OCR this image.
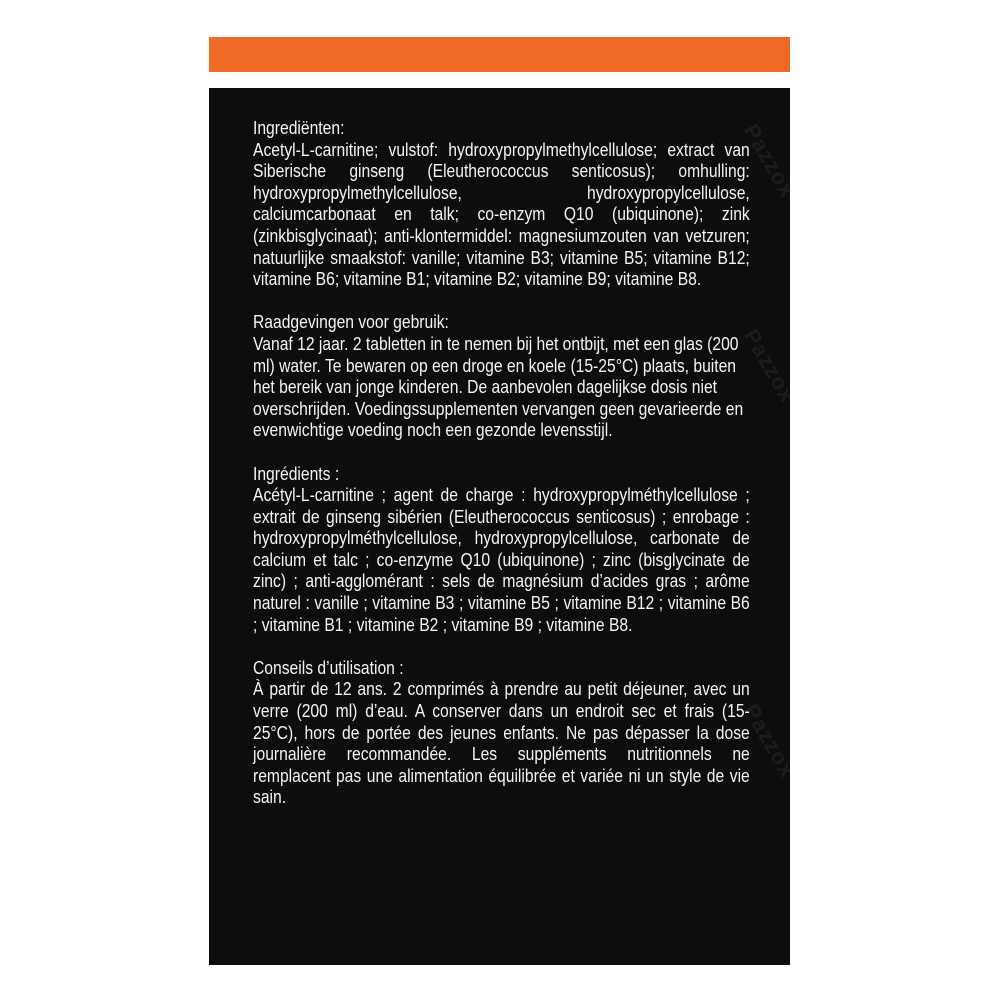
Pazzox
Pazzox
Pazzox
Ingrediënten:
Acetyl-L-carnitine; vulstof: hydroxypropylmethylcellulose; extract van Siberische ginseng (Eleutherococcus senticosus); omhulling: hydroxypropylmethylcellulose, hydroxypropylcellulose, calciumcarbonaat en talk; co-enzym Q10 (ubiquinone); zink (zinkbisglycinaat); anti-klontermiddel: magnesiumzouten van vetzuren; natuurlijke smaakstof: vanille; vitamine B3; vitamine B5; vitamine B12; vitamine B6; vitamine B1; vitamine B2; vitamine B9; vitamine B8.
Raadgevingen voor gebruik:
Vanaf 12 jaar. 2 tabletten in te nemen bij het ontbijt, met een glas (200 ml) water. Te bewaren op een droge en koele (15-25°C) plaats, buiten het bereik van jonge kinderen. De aanbevolen dagelijkse dosis niet overschrijden. Voedingssupplementen vervangen geen gevarieerde en evenwichtige voeding noch een gezonde levensstijl.
Ingrédients :
Acétyl-L-carnitine ; agent de charge : hydroxypropylméthylcellulose ; extrait de ginseng sibérien (Eleutherococcus senticosus) ; enrobage : hydroxypropylméthylcellulose, hydroxypropylcellulose, carbonate de calcium et talc ; co-enzyme Q10 (ubiquinone) ; zinc (bisglycinate de zinc) ; anti-agglomérant : sels de magnésium d’acides gras ; arôme naturel : vanille ; vitamine B3 ; vitamine B5 ; vitamine B12 ; vitamine B6 ; vitamine B1 ; vitamine B2 ; vitamine B9 ; vitamine B8.
Conseils d’utilisation :
À partir de 12 ans. 2 comprimés à prendre au petit déjeuner, avec un verre (200 ml) d’eau. A conserver dans un endroit sec et frais (15-25°C), hors de portée des jeunes enfants. Ne pas dépasser la dose journalière recommandée. Les suppléments nutritionnels ne remplacent pas une alimentation équilibrée et variée ni un style de vie sain.
